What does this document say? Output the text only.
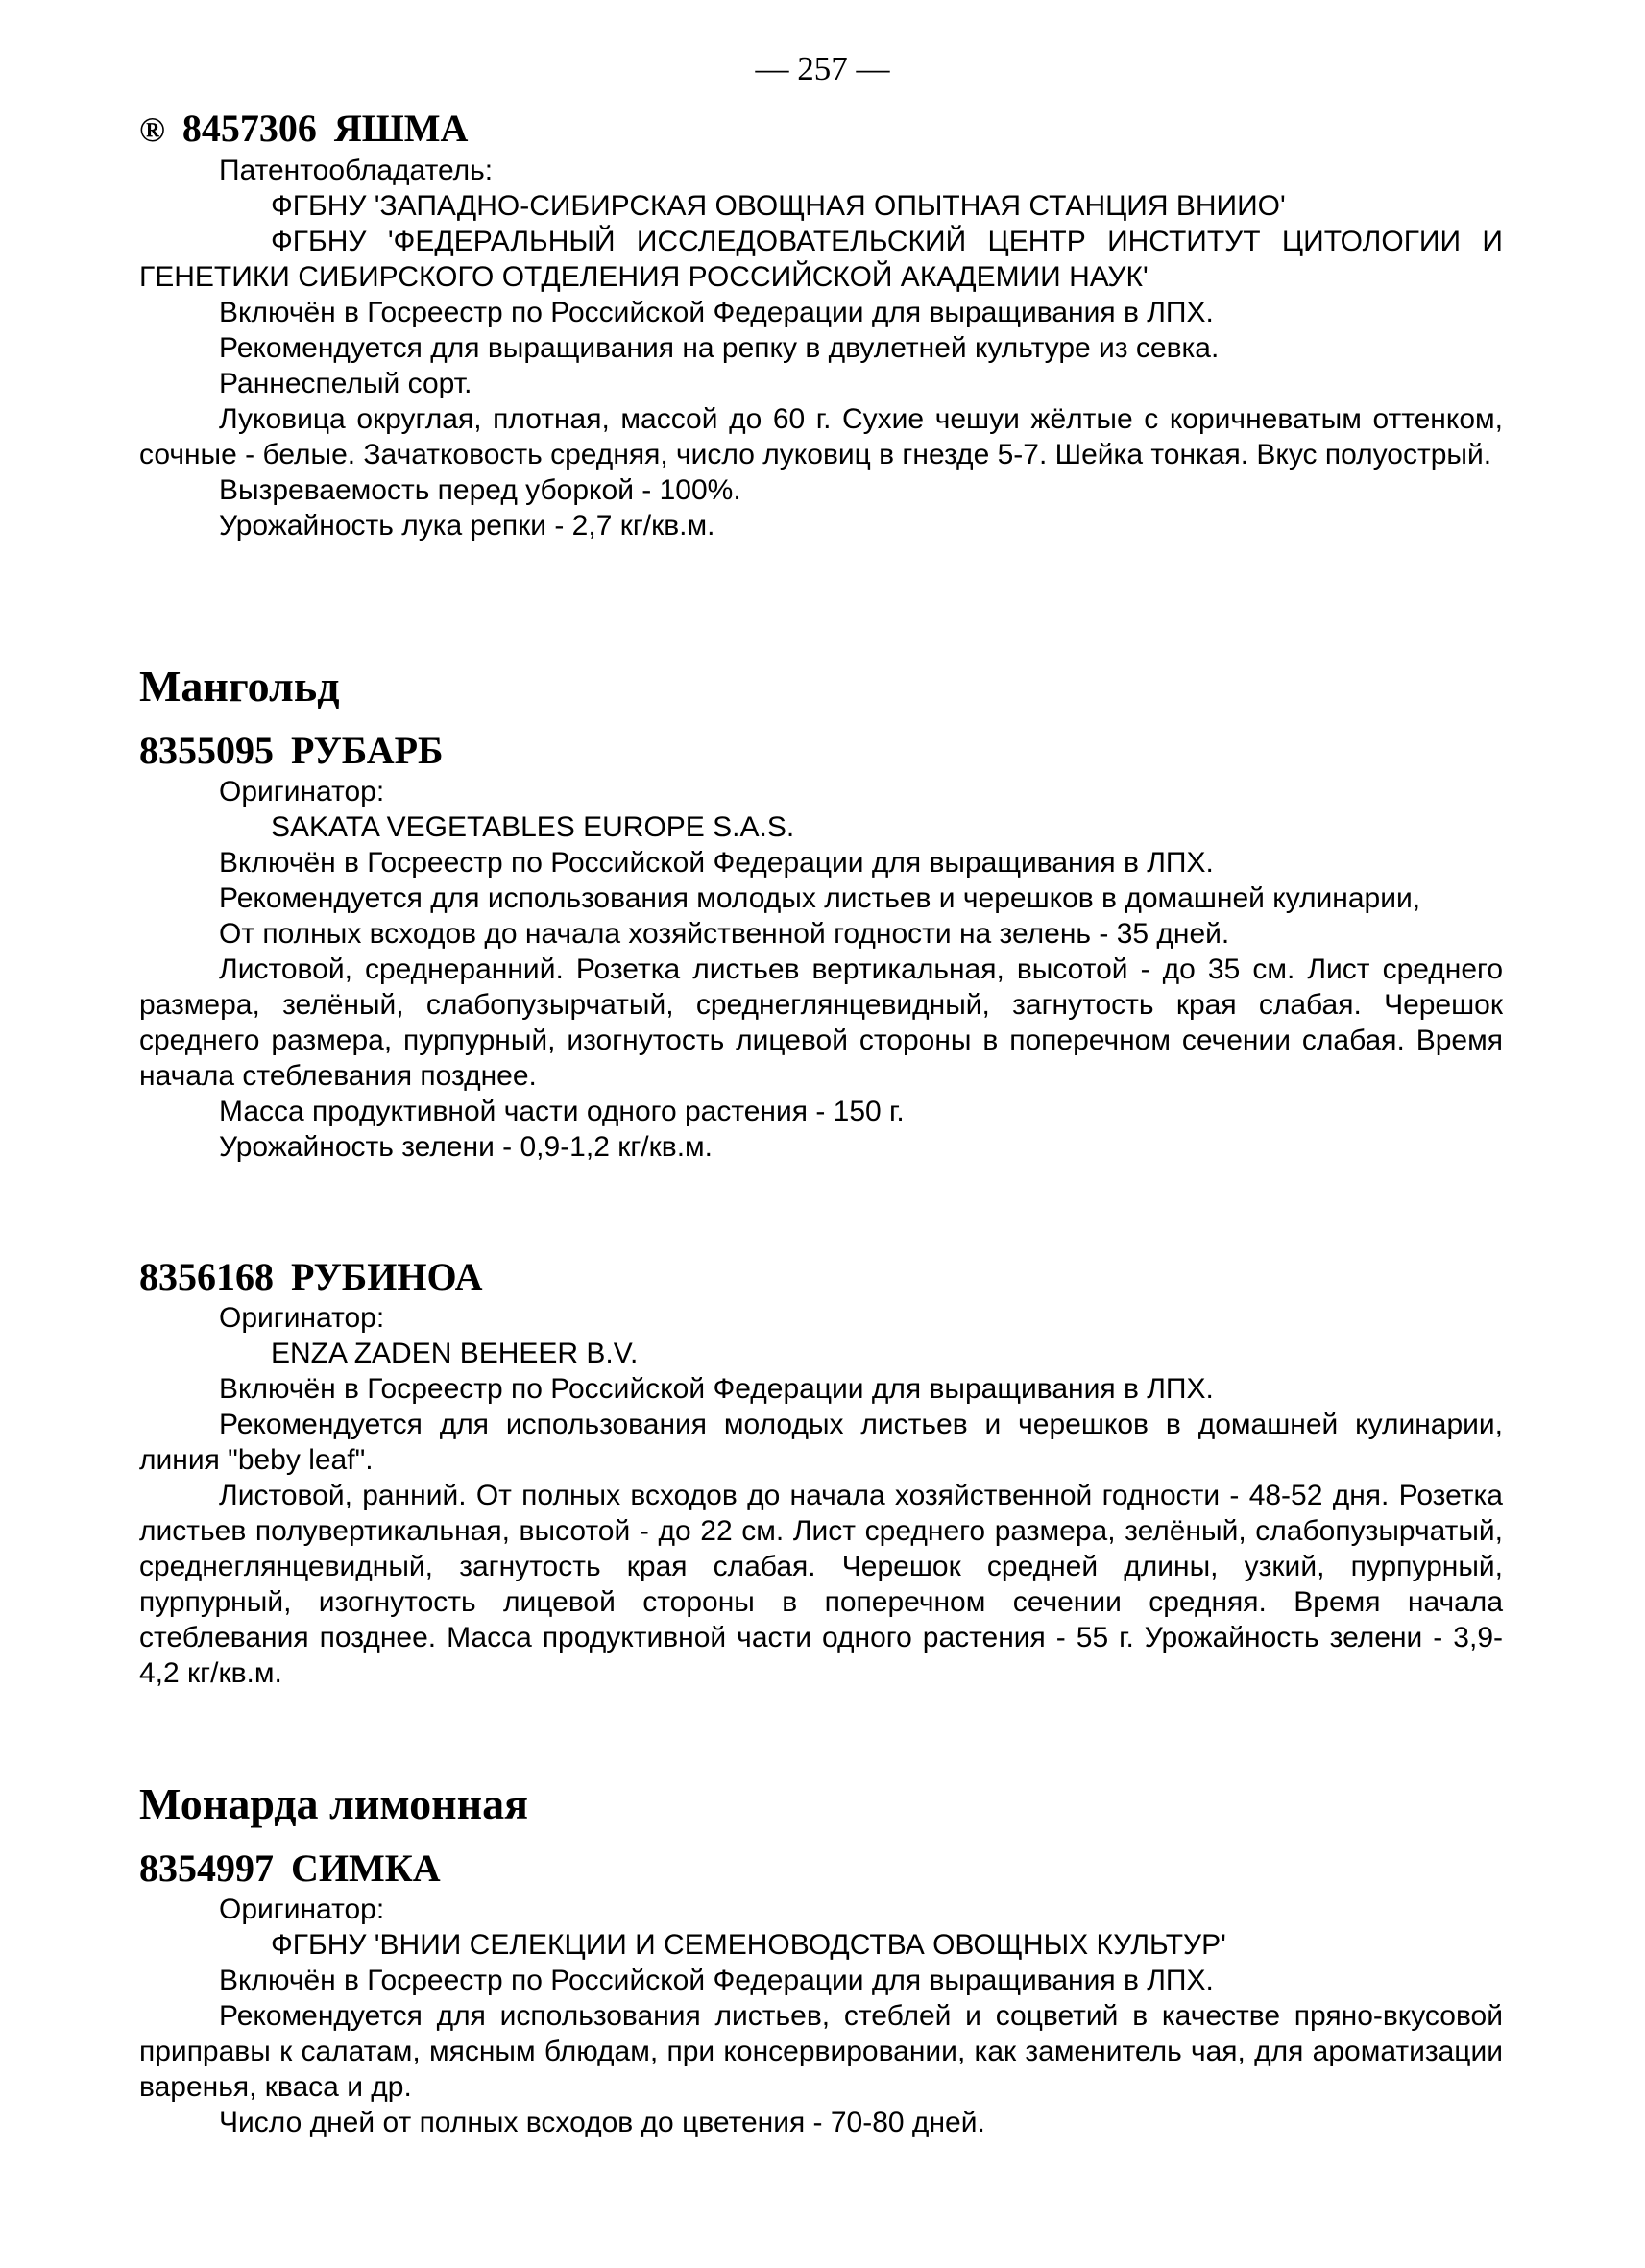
— 257 —
® 8457306 ЯШМА

Патентообладатель:

ФГБНУ 'ЗАПАДНО-СИБИРСКАЯ ОВОЩНАЯ ОПЫТНАЯ СТАНЦИЯ ВНИИО'

ФГБНУ 'ФЕДЕРАЛЬНЫЙ ИССЛЕДОВАТЕЛЬСКИЙ ЦЕНТР ИНСТИТУТ ЦИТОЛОГИИ И ГЕНЕТИКИ СИБИРСКОГО ОТДЕЛЕНИЯ РОССИЙСКОЙ АКАДЕМИИ НАУК'

Включён в Госреестр по Российской Федерации для выращивания в ЛПХ.

Рекомендуется для выращивания на репку в двулетней культуре из севка.

Раннеспелый сорт.

Луковица округлая, плотная, массой до 60 г. Сухие чешуи жёлтые с коричневатым оттенком, сочные - белые. Зачатковость средняя, число луковиц в гнезде 5-7. Шейка тонкая. Вкус полуострый.

Вызреваемость перед уборкой - 100%.

Урожайность лука репки - 2,7 кг/кв.м.

Мангольд
8355095 РУБАРБ

Оригинатор:

SAKATA VEGETABLES EUROPE S.A.S.

Включён в Госреестр по Российской Федерации для выращивания в ЛПХ.

Рекомендуется для использования молодых листьев и черешков в домашней кулинарии,

От полных всходов до начала хозяйственной годности на зелень - 35 дней.

Листовой, среднеранний. Розетка листьев вертикальная, высотой - до 35 см. Лист среднего размера, зелёный, слабопузырчатый, среднеглянцевидный, загнутость края слабая. Черешок среднего размера, пурпурный, изогнутость лицевой стороны в поперечном сечении слабая. Время начала стеблевания позднее.

Масса продуктивной части одного растения - 150 г.

Урожайность зелени - 0,9-1,2 кг/кв.м.

8356168 РУБИНОА

Оригинатор:

ENZA ZADEN BEHEER B.V.

Включён в Госреестр по Российской Федерации для выращивания в ЛПХ.

Рекомендуется для использования молодых листьев и черешков в домашней кулинарии, линия "beby leaf".

Листовой, ранний. От полных всходов до начала хозяйственной годности - 48-52 дня. Розетка листьев полувертикальная, высотой - до 22 см. Лист среднего размера, зелёный, слабопузырчатый, среднеглянцевидный, загнутость края слабая. Черешок средней длины, узкий, пурпурный, пурпурный, изогнутость лицевой стороны в поперечном сечении средняя. Время начала стеблевания позднее. Масса продуктивной части одного растения - 55 г. Урожайность зелени - 3,9-4,2 кг/кв.м.

Монарда лимонная
8354997 СИМКА

Оригинатор:

ФГБНУ 'ВНИИ СЕЛЕКЦИИ И СЕМЕНОВОДСТВА ОВОЩНЫХ КУЛЬТУР'

Включён в Госреестр по Российской Федерации для выращивания в ЛПХ.

Рекомендуется для использования листьев, стеблей и соцветий в качестве пряно-вкусовой приправы к салатам, мясным блюдам, при консервировании, как заменитель чая, для ароматизации варенья, кваса и др.

Число дней от полных всходов до цветения - 70-80 дней.
